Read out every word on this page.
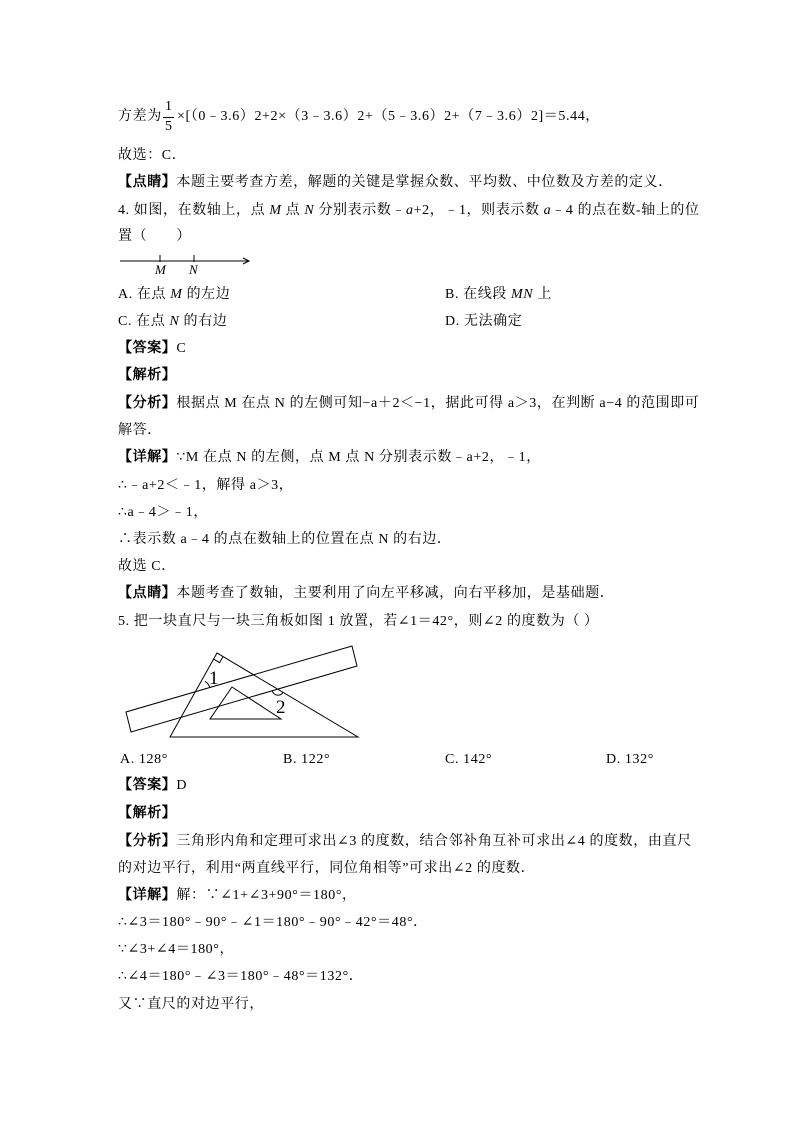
方差为
1
5
×[（0﹣3.6）2+2×（3﹣3.6）2+（5﹣3.6）2+（7﹣3.6）2]＝5.44，
故选：C．
【点睛】本题主要考查方差，解题的关键是掌握众数、平均数、中位数及方差的定义．
4. 如图，在数轴上，点 M 点 N 分别表示数﹣a+2，﹣1，则表示数 a﹣4 的点在数-轴上的位
置（　　）
M N
A. 在点 M 的左边	B. 在线段 MN 上
C. 在点 N 的右边	D. 无法确定
【答案】C
【解析】
【分析】根据点 M 在点 N 的左侧可知−a＋2＜−1，据此可得 a＞3，在判断 a−4 的范围即可
解答．
【详解】∵M 在点 N 的左侧，点 M 点 N 分别表示数﹣a+2，﹣1，
∴﹣a+2＜﹣1，解得 a＞3，
∴a﹣4＞﹣1，
∴表示数 a﹣4 的点在数轴上的位置在点 N 的右边．
故选 C．
【点睛】本题考查了数轴，主要利用了向左平移减，向右平移加，是基础题．
5. 把一块直尺与一块三角板如图 1 放置，若∠1＝42°，则∠2 的度数为（ ）
1
2
A. 128°	B. 122°	C. 142°	D. 132°
【答案】D
【解析】
【分析】三角形内角和定理可求出∠3 的度数，结合邻补角互补可求出∠4 的度数，由直尺
的对边平行，利用“两直线平行，同位角相等”可求出∠2 的度数．
【详解】解：∵∠1+∠3+90°＝180°，
∴∠3＝180°﹣90°﹣∠1＝180°﹣90°﹣42°＝48°．
∵∠3+∠4＝180°，
∴∠4＝180°﹣∠3＝180°﹣48°＝132°．
又∵直尺的对边平行，
